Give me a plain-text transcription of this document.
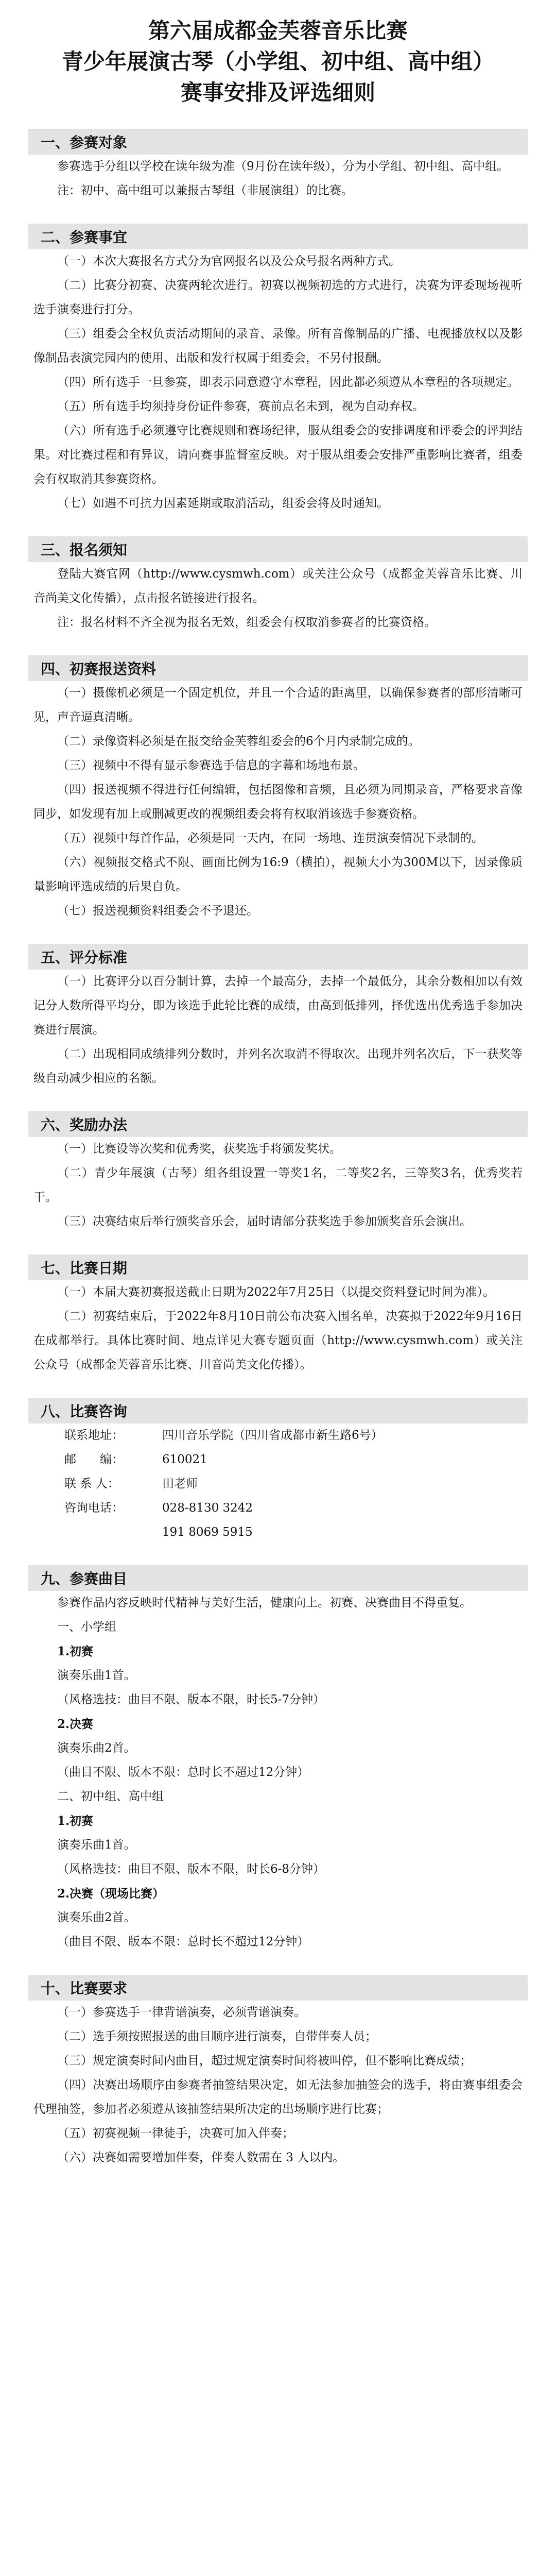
第六届成都金芙蓉音乐比赛

青少年展演古琴（小学组、初中组、高中组）

赛事安排及评选细则

一、参赛对象

参赛选手分组以学校在读年级为准（9月份在读年级），分为小学组、初中组、高中组。

注：初中、高中组可以兼报古琴组（非展演组）的比赛。

二、参赛事宜

（一）本次大赛报名方式分为官网报名以及公众号报名两种方式。

（二）比赛分初赛、决赛两轮次进行。初赛以视频初选的方式进行，决赛为评委现场视听选手演奏进行打分。

（三）组委会全权负责活动期间的录音、录像。所有音像制品的广播、电视播放权以及影像制品表演完园内的使用、出版和发行权属于组委会，不另付报酬。

（四）所有选手一旦参赛，即表示同意遵守本章程，因此都必须遵从本章程的各项规定。

（五）所有选手均须持身份证件参赛，赛前点名未到，视为自动弃权。

（六）所有选手必须遵守比赛规则和赛场纪律，服从组委会的安排调度和评委会的评判结果。对比赛过程和有异议，请向赛事监督室反映。对于服从组委会安排严重影响比赛者，组委会有权取消其参赛资格。

（七）如遇不可抗力因素延期或取消活动，组委会将及时通知。

三、报名须知

登陆大赛官网（http://www.cysmwh.com）或关注公众号（成都金芙蓉音乐比赛、川音尚美文化传播），点击报名链接进行报名。

注：报名材料不齐全视为报名无效，组委会有权取消参赛者的比赛资格。

四、初赛报送资料

（一）摄像机必须是一个固定机位，并且一个合适的距离里，以确保参赛者的部形清晰可见，声音逼真清晰。

（二）录像资料必须是在报交给金芙蓉组委会的6个月内录制完成的。

（三）视频中不得有显示参赛选手信息的字幕和场地布景。

（四）报送视频不得进行任何编辑，包括图像和音频，且必须为同期录音，严格要求音像同步，如发现有加上或删减更改的视频组委会将有权取消该选手参赛资格。

（五）视频中每首作品，必须是同一天内，在同一场地、连贯演奏情况下录制的。

（六）视频报交格式不限、画面比例为16:9（横拍），视频大小为300M以下，因录像质量影响评选成绩的后果自负。

（七）报送视频资料组委会不予退还。

五、评分标准

（一）比赛评分以百分制计算，去掉一个最高分，去掉一个最低分，其余分数相加以有效记分人数所得平均分，即为该选手此轮比赛的成绩，由高到低排列，择优选出优秀选手参加决赛进行展演。

（二）出现相同成绩排列分数时，并列名次取消不得取次。出现并列名次后，下一获奖等级自动减少相应的名额。

六、奖励办法

（一）比赛设等次奖和优秀奖，获奖选手将颁发奖状。

（二）青少年展演（古琴）组各组设置一等奖1名，二等奖2名，三等奖3名，优秀奖若干。

（三）决赛结束后举行颁奖音乐会，届时请部分获奖选手参加颁奖音乐会演出。

七、比赛日期

（一）本届大赛初赛报送截止日期为2022年7月25日（以提交资料登记时间为准）。

（二）初赛结束后，于2022年8月10日前公布决赛入围名单，决赛拟于2022年9月16日在成都举行。具体比赛时间、地点详见大赛专题页面（http://www.cysmwh.com）或关注公众号（成都金芙蓉音乐比赛、川音尚美文化传播）。

八、比赛咨询
联系地址：	四川音乐学院（四川省成都市新生路6号）
邮　　编：	610021
联 系 人：	田老师
咨询电话：	028-8130 3242
191 8069 5915
九、参赛曲目

参赛作品内容反映时代精神与美好生活，健康向上。初赛、决赛曲目不得重复。

一、小学组

1.初赛

演奏乐曲1首。

（风格选技：曲目不限、版本不限，时长5-7分钟）

2.决赛

演奏乐曲2首。

（曲目不限、版本不限：总时长不超过12分钟）

二、初中组、高中组

1.初赛

演奏乐曲1首。

（风格选技：曲目不限、版本不限，时长6-8分钟）

2.决赛（现场比赛）

演奏乐曲2首。

（曲目不限、版本不限：总时长不超过12分钟）

十、比赛要求

（一）参赛选手一律背谱演奏，必须背谱演奏。

（二）选手须按照报送的曲目顺序进行演奏，自带伴奏人员；

（三）规定演奏时间内曲目，超过规定演奏时间将被叫停，但不影响比赛成绩；

（四）决赛出场顺序由参赛者抽签结果决定，如无法参加抽签会的选手，将由赛事组委会代理抽签，参加者必须遵从该抽签结果所决定的出场顺序进行比赛；

（五）初赛视频一律徒手，决赛可加入伴奏；

（六）决赛如需要增加伴奏，伴奏人数需在 3 人以内。
